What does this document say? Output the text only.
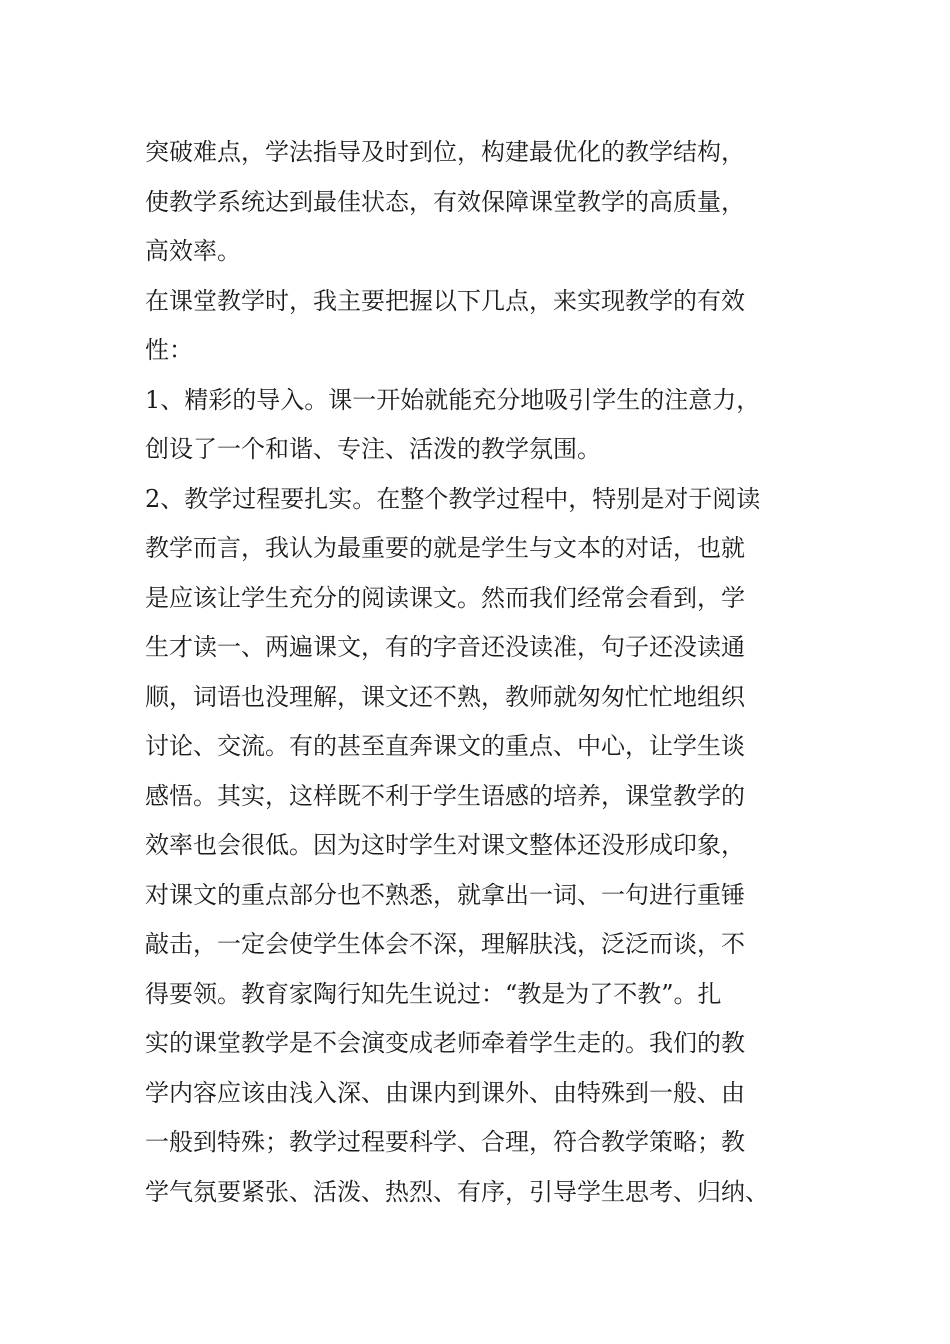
突破难点，学法指导及时到位，构建最优化的教学结构，
使教学系统达到最佳状态，有效保障课堂教学的高质量，
高效率。
在课堂教学时，我主要把握以下几点，来实现教学的有效
性：
1、精彩的导入。课一开始就能充分地吸引学生的注意力，
创设了一个和谐、专注、活泼的教学氛围。
2、教学过程要扎实。在整个教学过程中，特别是对于阅读
教学而言，我认为最重要的就是学生与文本的对话，也就
是应该让学生充分的阅读课文。然而我们经常会看到，学
生才读一、两遍课文，有的字音还没读准，句子还没读通
顺，词语也没理解，课文还不熟，教师就匆匆忙忙地组织
讨论、交流。有的甚至直奔课文的重点、中心，让学生谈
感悟。其实，这样既不利于学生语感的培养，课堂教学的
效率也会很低。因为这时学生对课文整体还没形成印象，
对课文的重点部分也不熟悉，就拿出一词、一句进行重锤
敲击，一定会使学生体会不深，理解肤浅，泛泛而谈，不
得要领。教育家陶行知先生说过：“教是为了不教”。扎
实的课堂教学是不会演变成老师牵着学生走的。我们的教
学内容应该由浅入深、由课内到课外、由特殊到一般、由
一般到特殊；教学过程要科学、合理，符合教学策略；教
学气氛要紧张、活泼、热烈、有序，引导学生思考、归纳、
